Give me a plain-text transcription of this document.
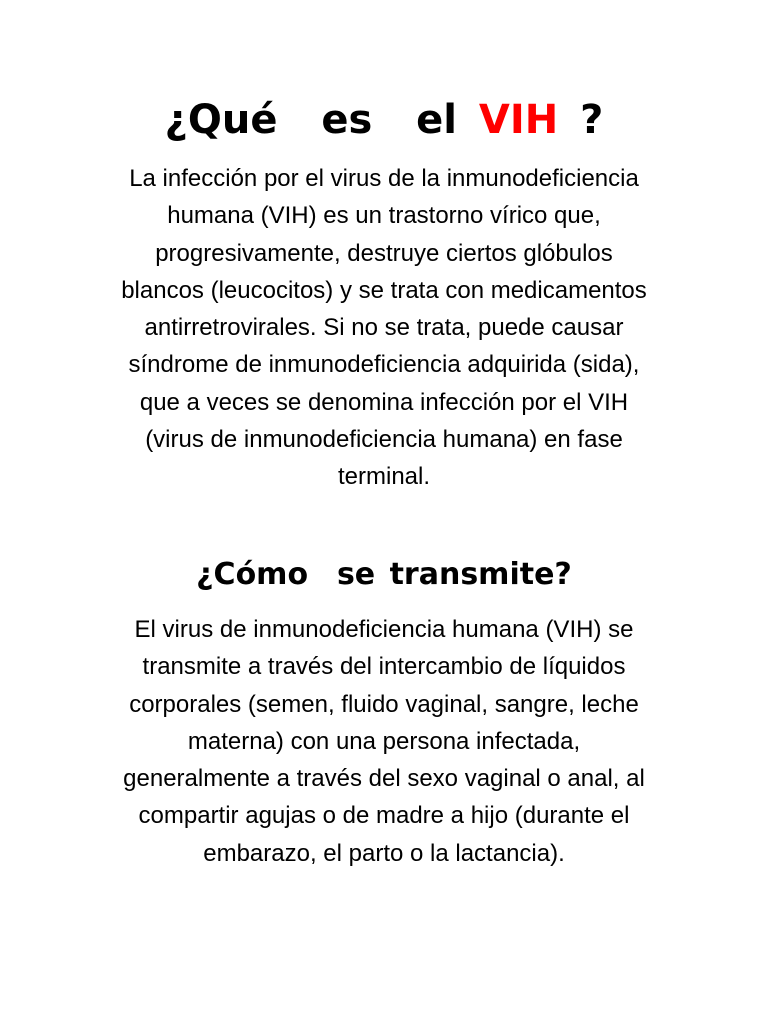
¿Qué  es  el VIH ?
La infección por el virus de la inmunodeficiencia
humana (VIH) es un trastorno vírico que,
progresivamente, destruye ciertos glóbulos
blancos (leucocitos) y se trata con medicamentos
antirretrovirales. Si no se trata, puede causar
síndrome de inmunodeficiencia adquirida (sida),
que a veces se denomina infección por el VIH
(virus de inmunodeficiencia humana) en fase
terminal.
¿Cómo  se transmite?
El virus de inmunodeficiencia humana (VIH) se
transmite a través del intercambio de líquidos
corporales (semen, fluido vaginal, sangre, leche
materna) con una persona infectada,
generalmente a través del sexo vaginal o anal, al
compartir agujas o de madre a hijo (durante el
embarazo, el parto o la lactancia).
